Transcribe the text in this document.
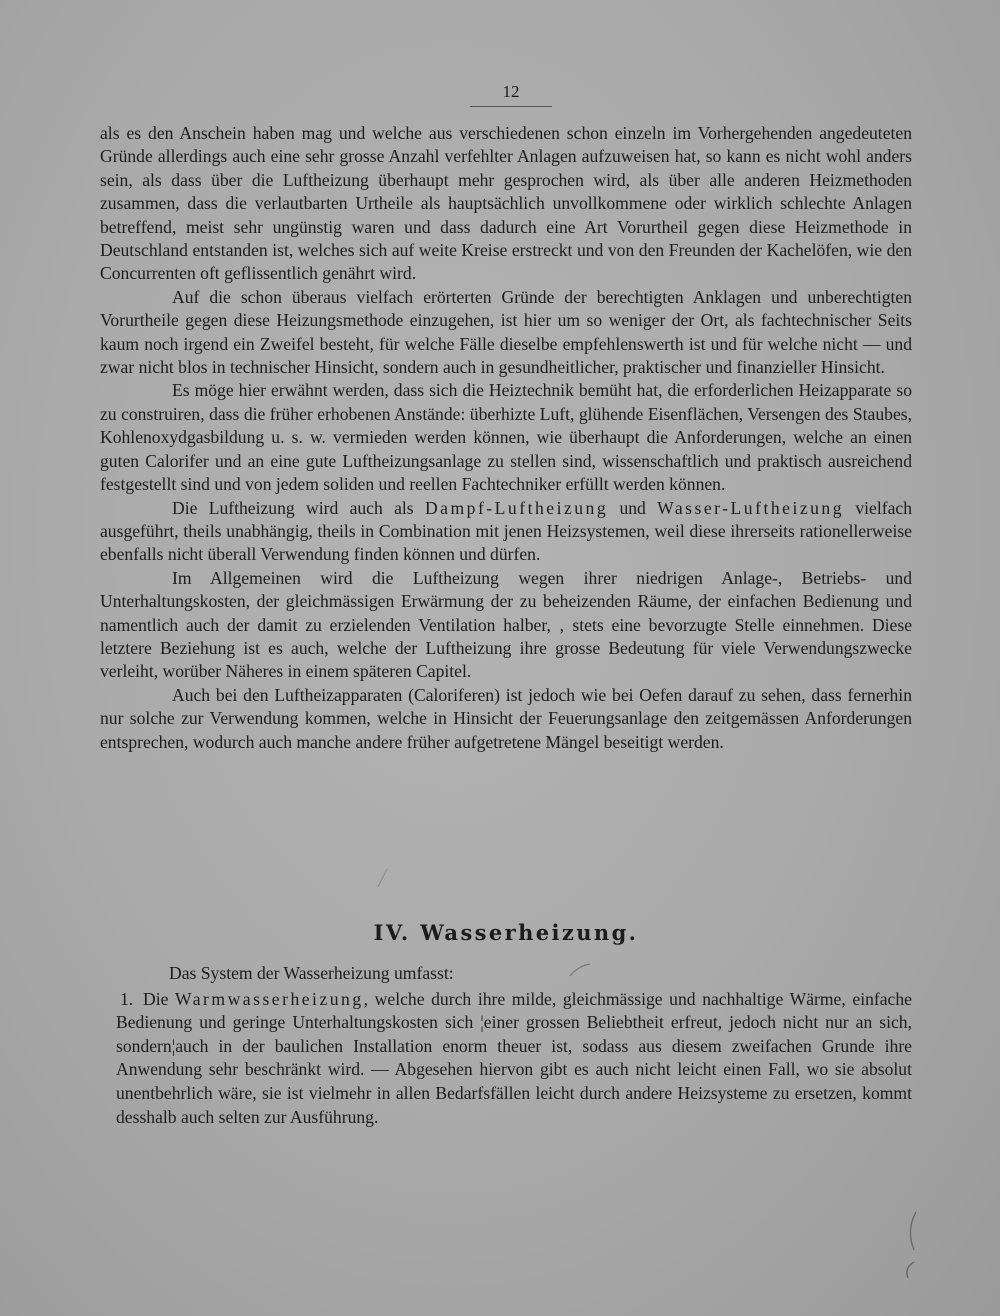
12

als es den Anschein haben mag und welche aus verschiedenen schon einzeln im Vorhergehenden angedeuteten Gründe allerdings auch eine sehr grosse Anzahl verfehlter Anlagen aufzuweisen hat, so kann es nicht wohl anders sein, als dass über die Luftheizung überhaupt mehr gesprochen wird, als über alle anderen Heizmethoden zusammen, dass die verlautbarten Urtheile als hauptsächlich unvollkommene oder wirklich schlechte Anlagen betreffend, meist sehr ungünstig waren und dass dadurch eine Art Vorurtheil gegen diese Heizmethode in Deutschland entstanden ist, welches sich auf weite Kreise erstreckt und von den Freunden der Kachelöfen, wie den Concurrenten oft geflissentlich genährt wird.

Auf die schon überaus vielfach erörterten Gründe der berechtigten Anklagen und unberechtigten Vorurtheile gegen diese Heizungsmethode einzugehen, ist hier um so weniger der Ort, als fachtechnischer Seits kaum noch irgend ein Zweifel besteht, für welche Fälle dieselbe empfehlenswerth ist und für welche nicht — und zwar nicht blos in technischer Hinsicht, sondern auch in gesundheitlicher, praktischer und finanzieller Hinsicht.

Es möge hier erwähnt werden, dass sich die Heiztechnik bemüht hat, die erforderlichen Heizapparate so zu construiren, dass die früher erhobenen Anstände: überhizte Luft, glühende Eisenflächen, Versengen des Staubes, Kohlenoxydgasbildung u. s. w. vermieden werden können, wie überhaupt die Anforderungen, welche an einen guten Calorifer und an eine gute Luftheizungsanlage zu stellen sind, wissenschaftlich und praktisch ausreichend festgestellt sind und von jedem soliden und reellen Fachtechniker erfüllt werden können.

Die Luftheizung wird auch als Dampf-Luftheizung und Wasser-Luftheizung vielfach ausgeführt, theils unabhängig, theils in Combination mit jenen Heizsystemen, weil diese ihrerseits rationellerweise ebenfalls nicht überall Verwendung finden können und dürfen.

Im Allgemeinen wird die Luftheizung wegen ihrer niedrigen Anlage-, Betriebs- und Unterhaltungskosten, der gleichmässigen Erwärmung der zu beheizenden Räume, der einfachen Bedienung und namentlich auch der damit zu erzielenden Ventilation halber, ‚ stets eine bevorzugte Stelle einnehmen. Diese letztere Beziehung ist es auch, welche der Luftheizung ihre grosse Bedeutung für viele Verwendungszwecke verleiht, worüber Näheres in einem späteren Capitel.

Auch bei den Luftheizapparaten (Caloriferen) ist jedoch wie bei Oefen darauf zu sehen, dass fernerhin nur solche zur Verwendung kommen, welche in Hinsicht der Feuerungsanlage den zeitgemässen Anforderungen entsprechen, wodurch auch manche andere früher aufgetretene Mängel beseitigt werden.

IV. Wasserheizung.

Das System der Wasserheizung umfasst:

1. Die Warmwasserheizung, welche durch ihre milde, gleichmässige und nachhaltige Wärme, einfache Bedienung und geringe Unterhaltungskosten sich ¦einer grossen Beliebtheit erfreut, jedoch nicht nur an sich, sondern¦auch in der baulichen Installation enorm theuer ist, sodass aus diesem zweifachen Grunde ihre Anwendung sehr beschränkt wird. — Abgesehen hiervon gibt es auch nicht leicht einen Fall, wo sie absolut unentbehrlich wäre, sie ist vielmehr in allen Bedarfsfällen leicht durch andere Heizsysteme zu ersetzen, kommt desshalb auch selten zur Ausführung.
